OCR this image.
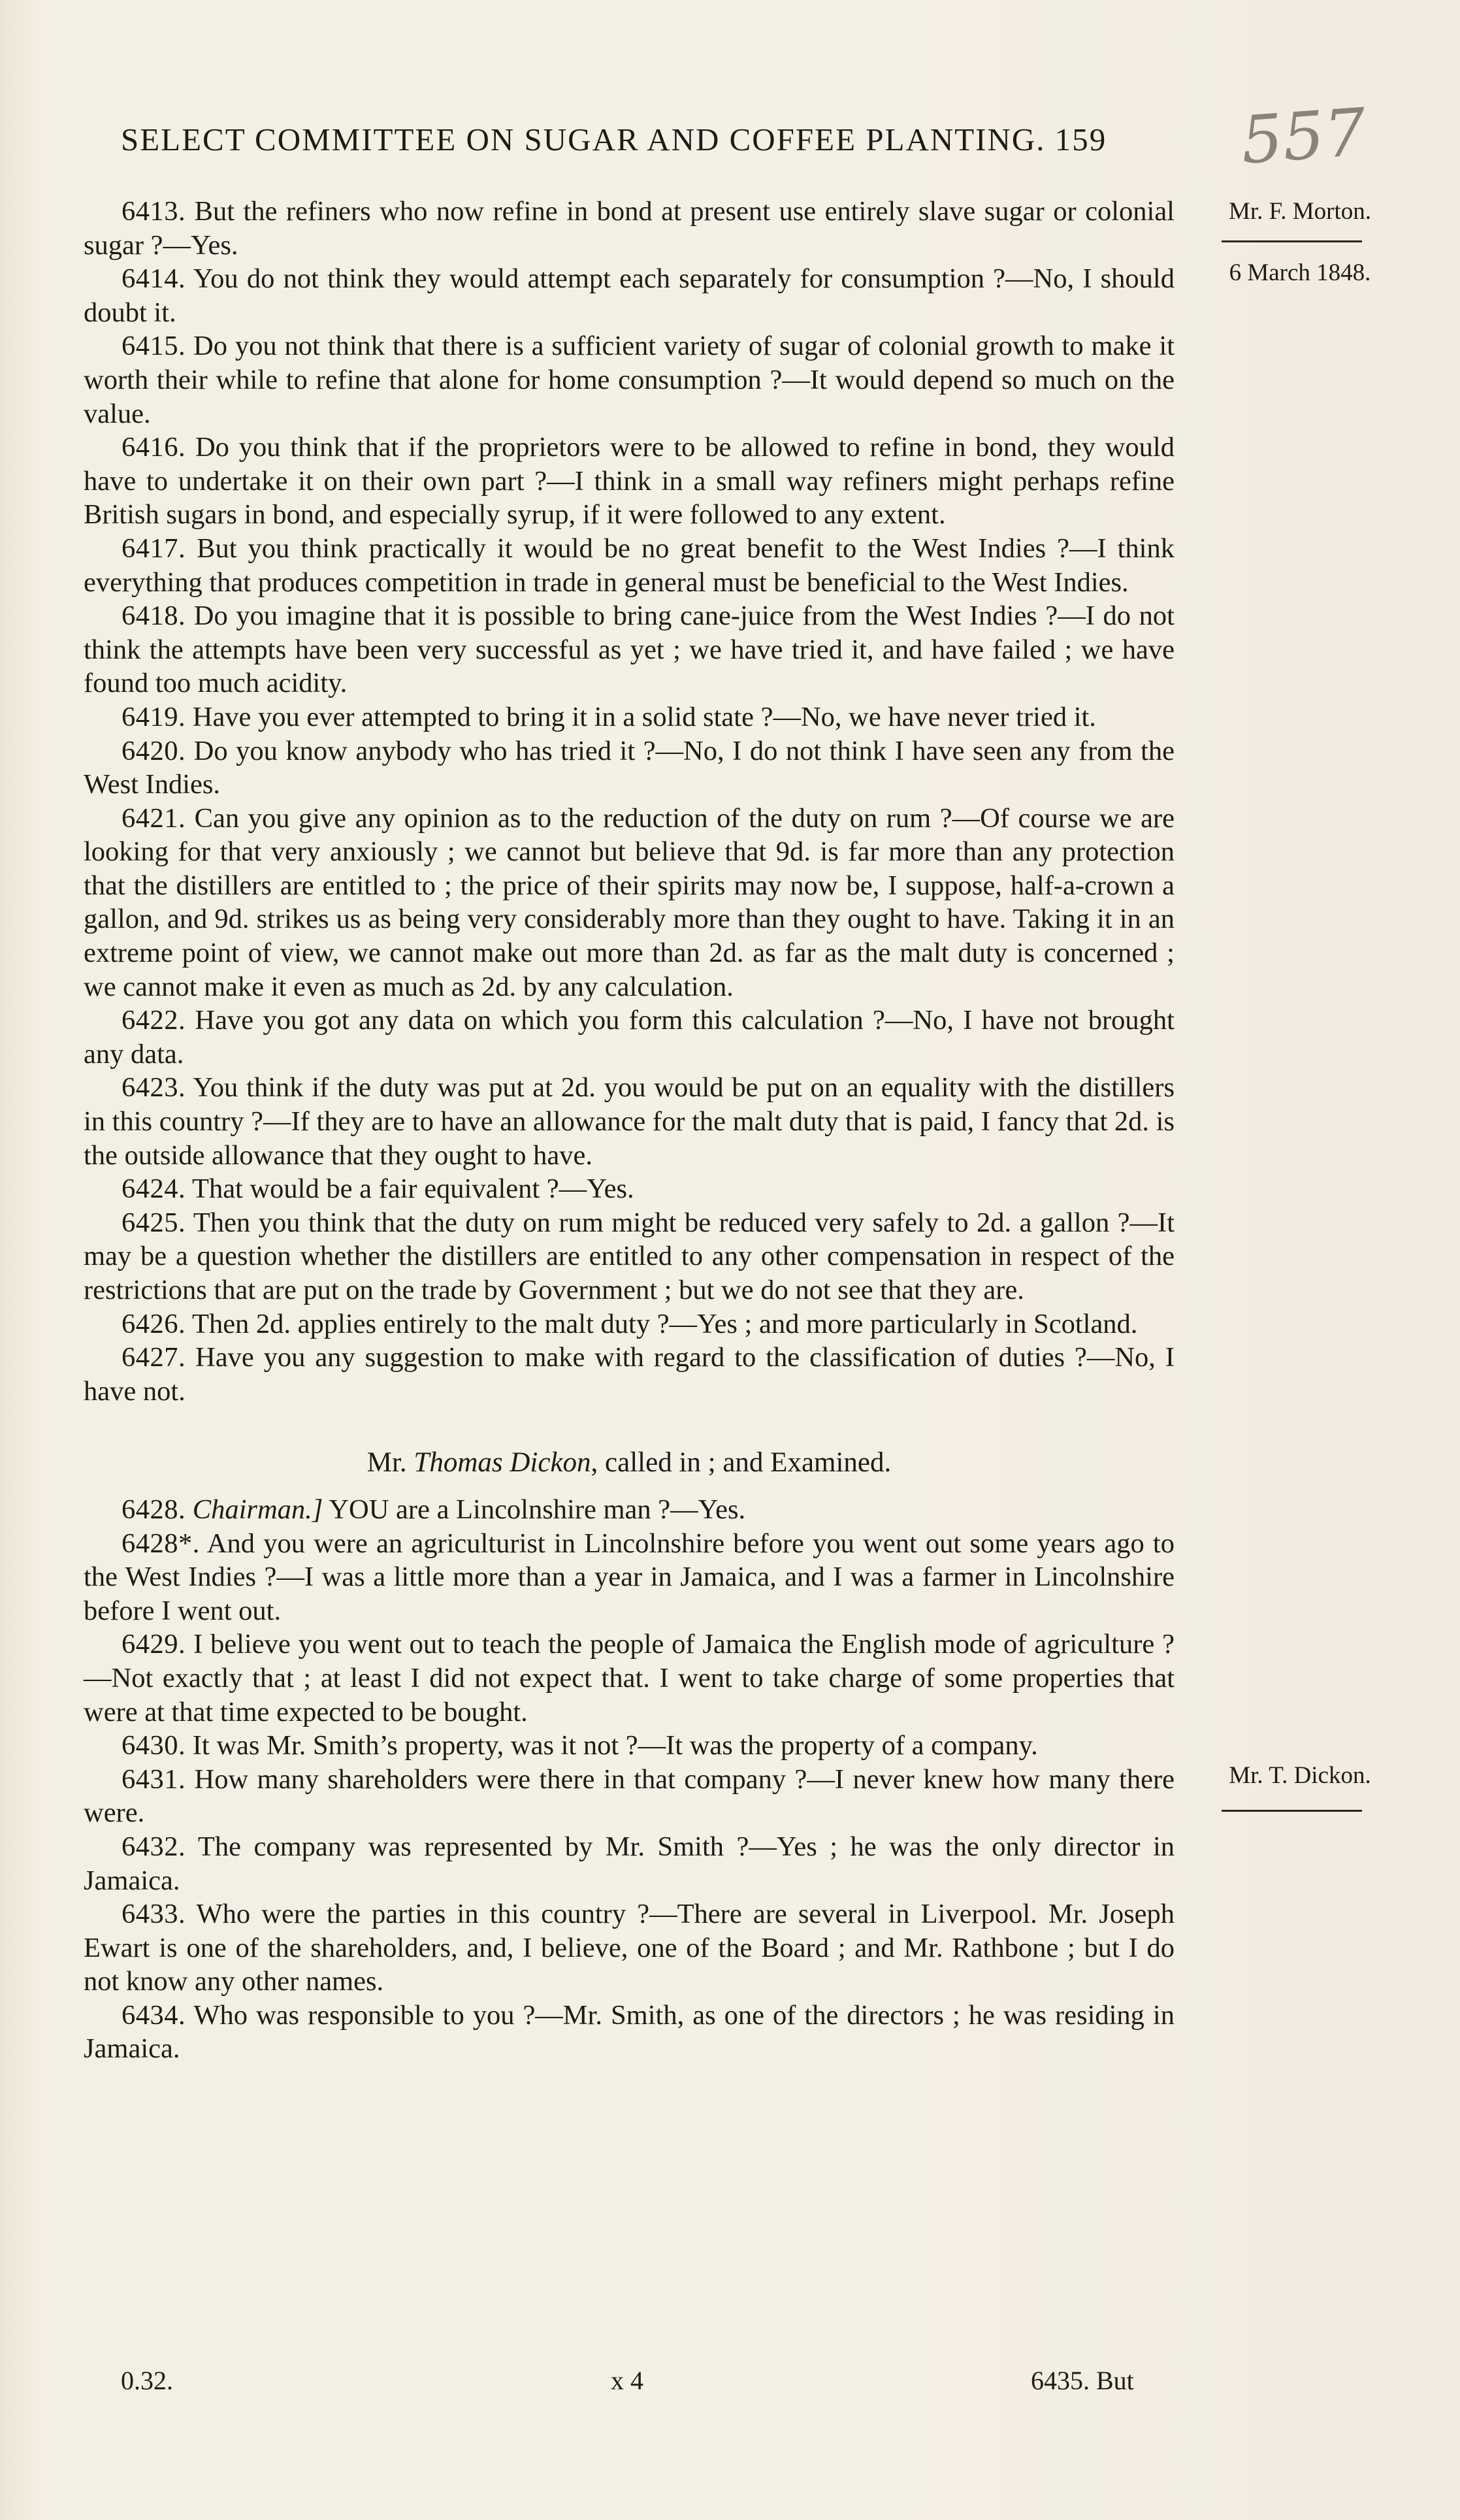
SELECT COMMITTEE ON SUGAR AND COFFEE PLANTING. 159	557
Mr. F. Morton.
6 March 1848.
Mr. T. Dickon.

6413. But the refiners who now refine in bond at present use entirely slave sugar or colonial sugar ?—Yes.

6414. You do not think they would attempt each separately for consumption ?—No, I should doubt it.

6415. Do you not think that there is a sufficient variety of sugar of colonial growth to make it worth their while to refine that alone for home consumption ?—It would depend so much on the value.

6416. Do you think that if the proprietors were to be allowed to refine in bond, they would have to undertake it on their own part ?—I think in a small way refiners might perhaps refine British sugars in bond, and especially syrup, if it were followed to any extent.

6417. But you think practically it would be no great benefit to the West Indies ?—I think everything that produces competition in trade in general must be beneficial to the West Indies.

6418. Do you imagine that it is possible to bring cane-juice from the West Indies ?—I do not think the attempts have been very successful as yet ; we have tried it, and have failed ; we have found too much acidity.

6419. Have you ever attempted to bring it in a solid state ?—No, we have never tried it.

6420. Do you know anybody who has tried it ?—No, I do not think I have seen any from the West Indies.

6421. Can you give any opinion as to the reduction of the duty on rum ?—Of course we are looking for that very anxiously ; we cannot but believe that 9d. is far more than any protection that the distillers are entitled to ; the price of their spirits may now be, I suppose, half-a-crown a gallon, and 9d. strikes us as being very considerably more than they ought to have. Taking it in an extreme point of view, we cannot make out more than 2d. as far as the malt duty is concerned ; we cannot make it even as much as 2d. by any calculation.

6422. Have you got any data on which you form this calculation ?—No, I have not brought any data.

6423. You think if the duty was put at 2d. you would be put on an equality with the distillers in this country ?—If they are to have an allowance for the malt duty that is paid, I fancy that 2d. is the outside allowance that they ought to have.

6424. That would be a fair equivalent ?—Yes.

6425. Then you think that the duty on rum might be reduced very safely to 2d. a gallon ?—It may be a question whether the distillers are entitled to any other compensation in respect of the restrictions that are put on the trade by Government ; but we do not see that they are.

6426. Then 2d. applies entirely to the malt duty ?—Yes ; and more particularly in Scotland.

6427. Have you any suggestion to make with regard to the classification of duties ?—No, I have not.

Mr. Thomas Dickon, called in ; and Examined.

6428. Chairman.] YOU are a Lincolnshire man ?—Yes.

6428*. And you were an agriculturist in Lincolnshire before you went out some years ago to the West Indies ?—I was a little more than a year in Jamaica, and I was a farmer in Lincolnshire before I went out.

6429. I believe you went out to teach the people of Jamaica the English mode of agriculture ?—Not exactly that ; at least I did not expect that. I went to take charge of some properties that were at that time expected to be bought.

6430. It was Mr. Smith’s property, was it not ?—It was the property of a company.

6431. How many shareholders were there in that company ?—I never knew how many there were.

6432. The company was represented by Mr. Smith ?—Yes ; he was the only director in Jamaica.

6433. Who were the parties in this country ?—There are several in Liverpool. Mr. Joseph Ewart is one of the shareholders, and, I believe, one of the Board ; and Mr. Rathbone ; but I do not know any other names.

6434. Who was responsible to you ?—Mr. Smith, as one of the directors ; he was residing in Jamaica.

0.32.	x 4	6435. But
